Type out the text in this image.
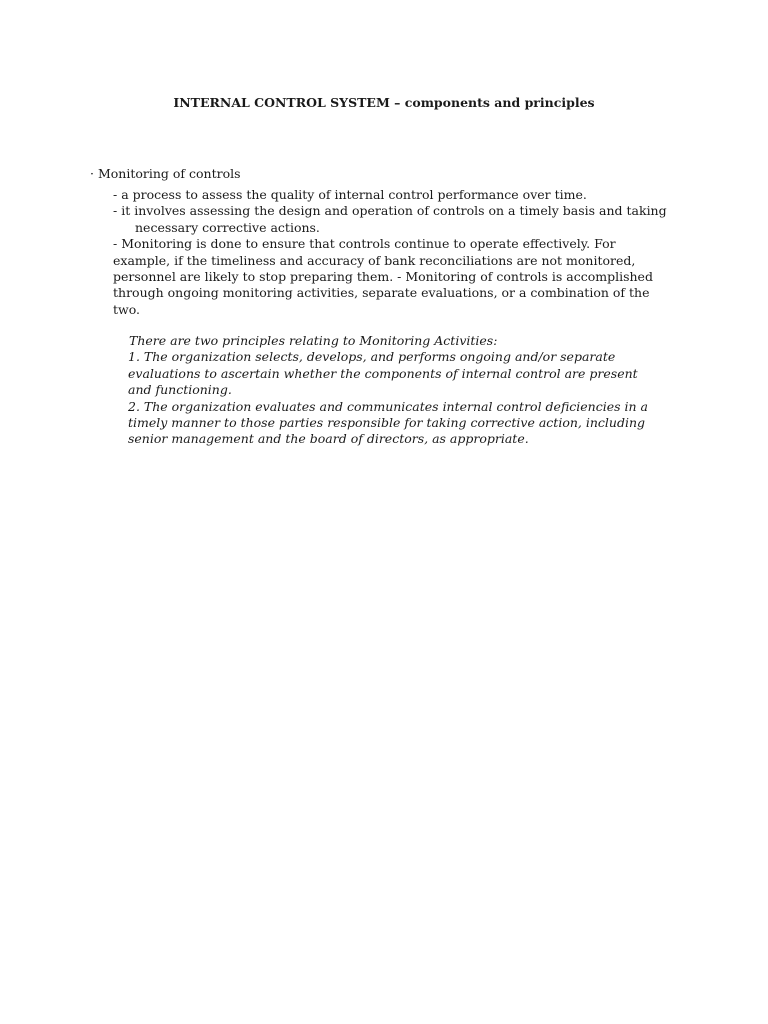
INTERNAL CONTROL SYSTEM – components and principles

· Monitoring of controls

- a process to assess the quality of internal control performance over time.

- it involves assessing the design and operation of controls on a timely basis and taking

necessary corrective actions.

- Monitoring is done to ensure that controls continue to operate effectively. For example, if the timeliness and accuracy of bank reconciliations are not monitored, personnel are likely to stop preparing them. - Monitoring of controls is accomplished through ongoing monitoring activities, separate evaluations, or a combination of the two.

There are two principles relating to Monitoring Activities:

1. The organization selects, develops, and performs ongoing and/or separate evaluations to ascertain whether the components of internal control are present and functioning.

2. The organization evaluates and communicates internal control deficiencies in a timely manner to those parties responsible for taking corrective action, including senior management and the board of directors, as appropriate.
